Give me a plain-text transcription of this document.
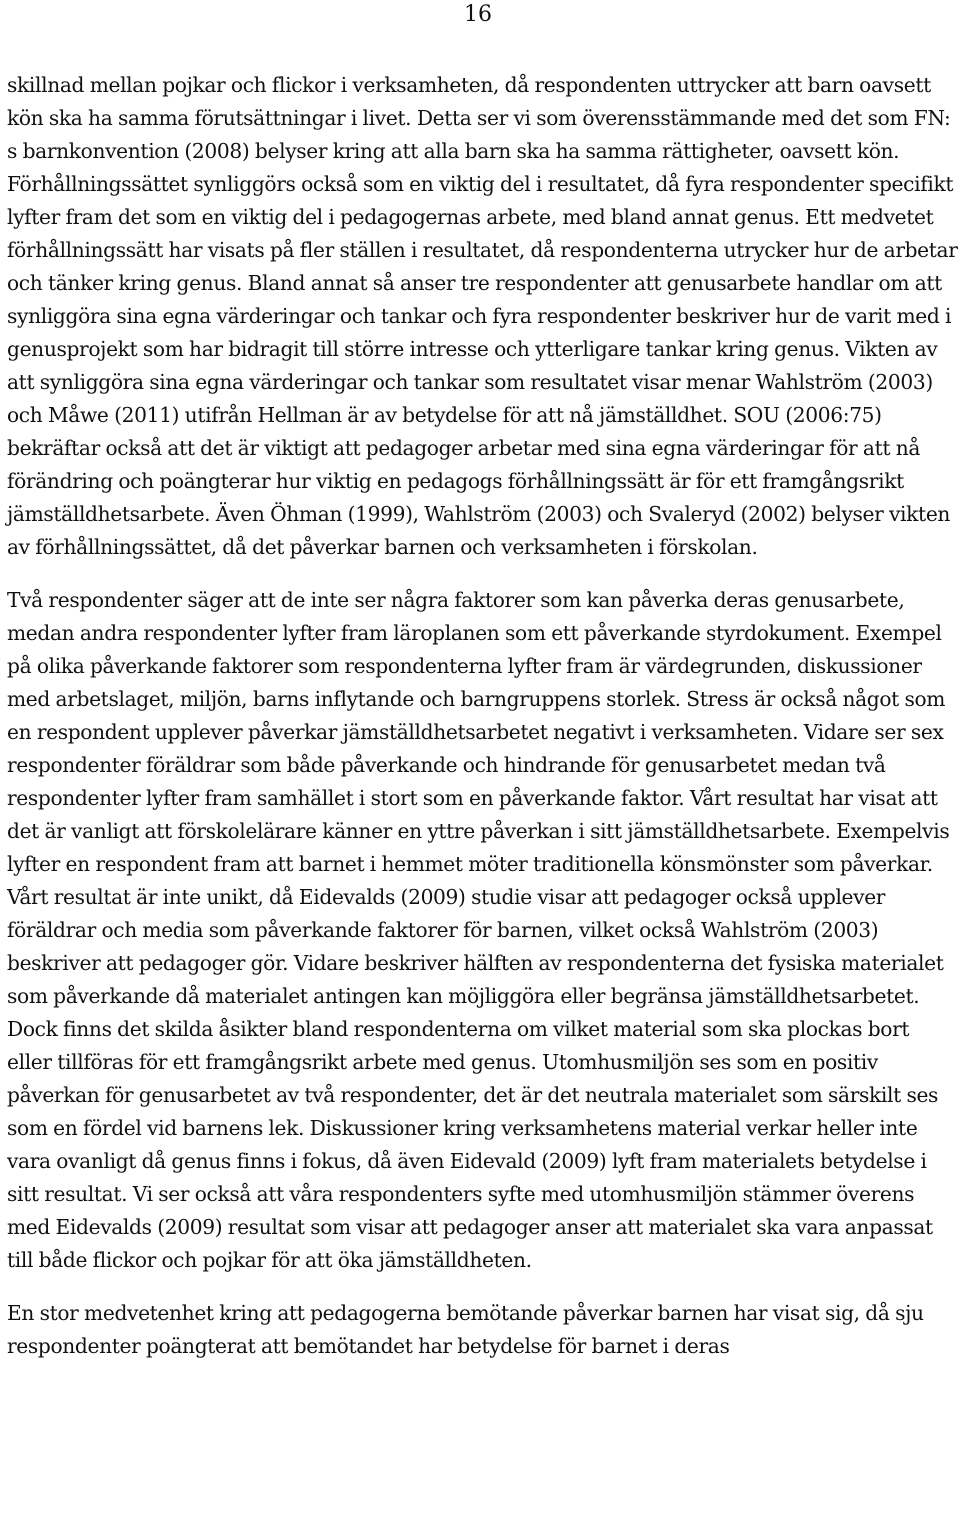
16

skillnad mellan pojkar och flickor i verksamheten, då respondenten uttrycker att barn oavsett kön ska ha samma förutsättningar i livet. Detta ser vi som överensstämmande med det som FN: s barnkonvention (2008) belyser kring att alla barn ska ha samma rättigheter, oavsett kön. Förhållningssättet synliggörs också som en viktig del i resultatet, då fyra respondenter specifikt lyfter fram det som en viktig del i pedagogernas arbete, med bland annat genus. Ett medvetet förhållningssätt har visats på fler ställen i resultatet, då respondenterna utrycker hur de arbetar och tänker kring genus. Bland annat så anser tre respondenter att genusarbete handlar om att synliggöra sina egna värderingar och tankar och fyra respondenter beskriver hur de varit med i genusprojekt som har bidragit till större intresse och ytterligare tankar kring genus. Vikten av att synliggöra sina egna värderingar och tankar som resultatet visar menar Wahlström (2003) och Måwe (2011) utifrån Hellman är av betydelse för att nå jämställdhet. SOU (2006:75) bekräftar också att det är viktigt att pedagoger arbetar med sina egna värderingar för att nå förändring och poängterar hur viktig en pedagogs förhållningssätt är för ett framgångsrikt jämställdhetsarbete. Även Öhman (1999), Wahlström (2003) och Svaleryd (2002) belyser vikten av förhållningssättet, då det påverkar barnen och verksamheten i förskolan.

Två respondenter säger att de inte ser några faktorer som kan påverka deras genusarbete, medan andra respondenter lyfter fram läroplanen som ett påverkande styrdokument. Exempel på olika påverkande faktorer som respondenterna lyfter fram är värdegrunden, diskussioner med arbetslaget, miljön, barns inflytande och barngruppens storlek. Stress är också något som en respondent upplever påverkar jämställdhetsarbetet negativt i verksamheten. Vidare ser sex respondenter föräldrar som både påverkande och hindrande för genusarbetet medan två respondenter lyfter fram samhället i stort som en påverkande faktor. Vårt resultat har visat att det är vanligt att förskolelärare känner en yttre påverkan i sitt jämställdhetsarbete. Exempelvis lyfter en respondent fram att barnet i hemmet möter traditionella könsmönster som påverkar. Vårt resultat är inte unikt, då Eidevalds (2009) studie visar att pedagoger också upplever föräldrar och media som påverkande faktorer för barnen, vilket också Wahlström (2003) beskriver att pedagoger gör. Vidare beskriver hälften av respondenterna det fysiska materialet som påverkande då materialet antingen kan möjliggöra eller begränsa jämställdhetsarbetet. Dock finns det skilda åsikter bland respondenterna om vilket material som ska plockas bort eller tillföras för ett framgångsrikt arbete med genus. Utomhusmiljön ses som en positiv påverkan för genusarbetet av två respondenter, det är det neutrala materialet som särskilt ses som en fördel vid barnens lek. Diskussioner kring verksamhetens material verkar heller inte vara ovanligt då genus finns i fokus, då även Eidevald (2009) lyft fram materialets betydelse i sitt resultat. Vi ser också att våra respondenters syfte med utomhusmiljön stämmer överens med Eidevalds (2009) resultat som visar att pedagoger anser att materialet ska vara anpassat till både flickor och pojkar för att öka jämställdheten.

En stor medvetenhet kring att pedagogerna bemötande påverkar barnen har visat sig, då sju respondenter poängterat att bemötandet har betydelse för barnet i deras
